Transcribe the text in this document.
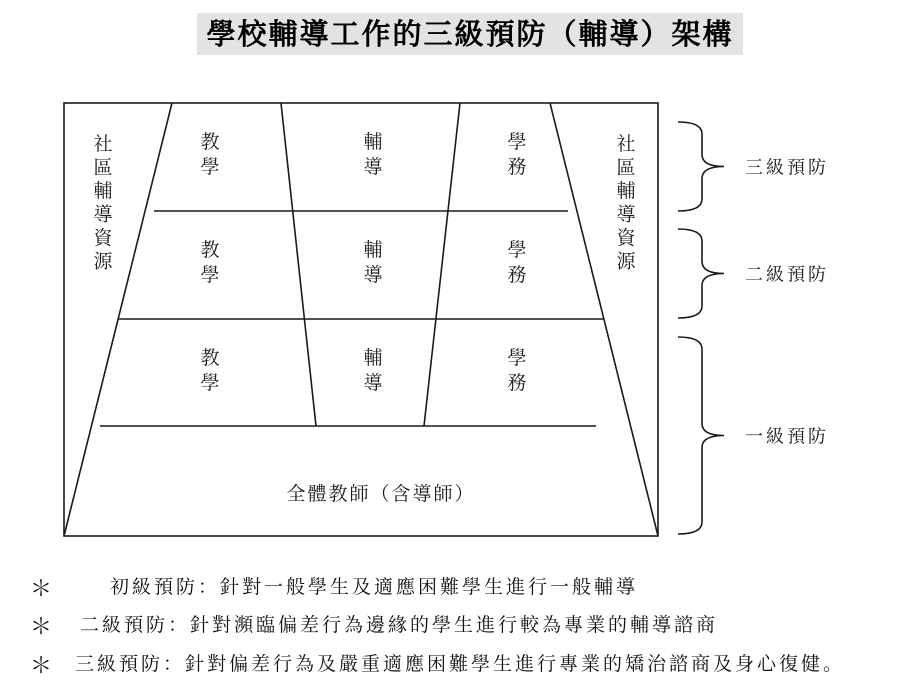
學校輔導工作的三級預防（輔導）架構
社
區
輔
導
資
源
社
區
輔
導
資
源
教
學
輔
導
學
務
教
學
輔
導
學
務
教
學
輔
導
學
務
全體教師（含導師）
三級預防
二級預防
一級預防
＊	初級預防：針對一般學生及適應困難學生進行一般輔導
＊ 二級預防：針對瀕臨偏差行為邊緣的學生進行較為專業的輔導諮商
＊ 三級預防：針對偏差行為及嚴重適應困難學生進行專業的矯治諮商及身心復健。
